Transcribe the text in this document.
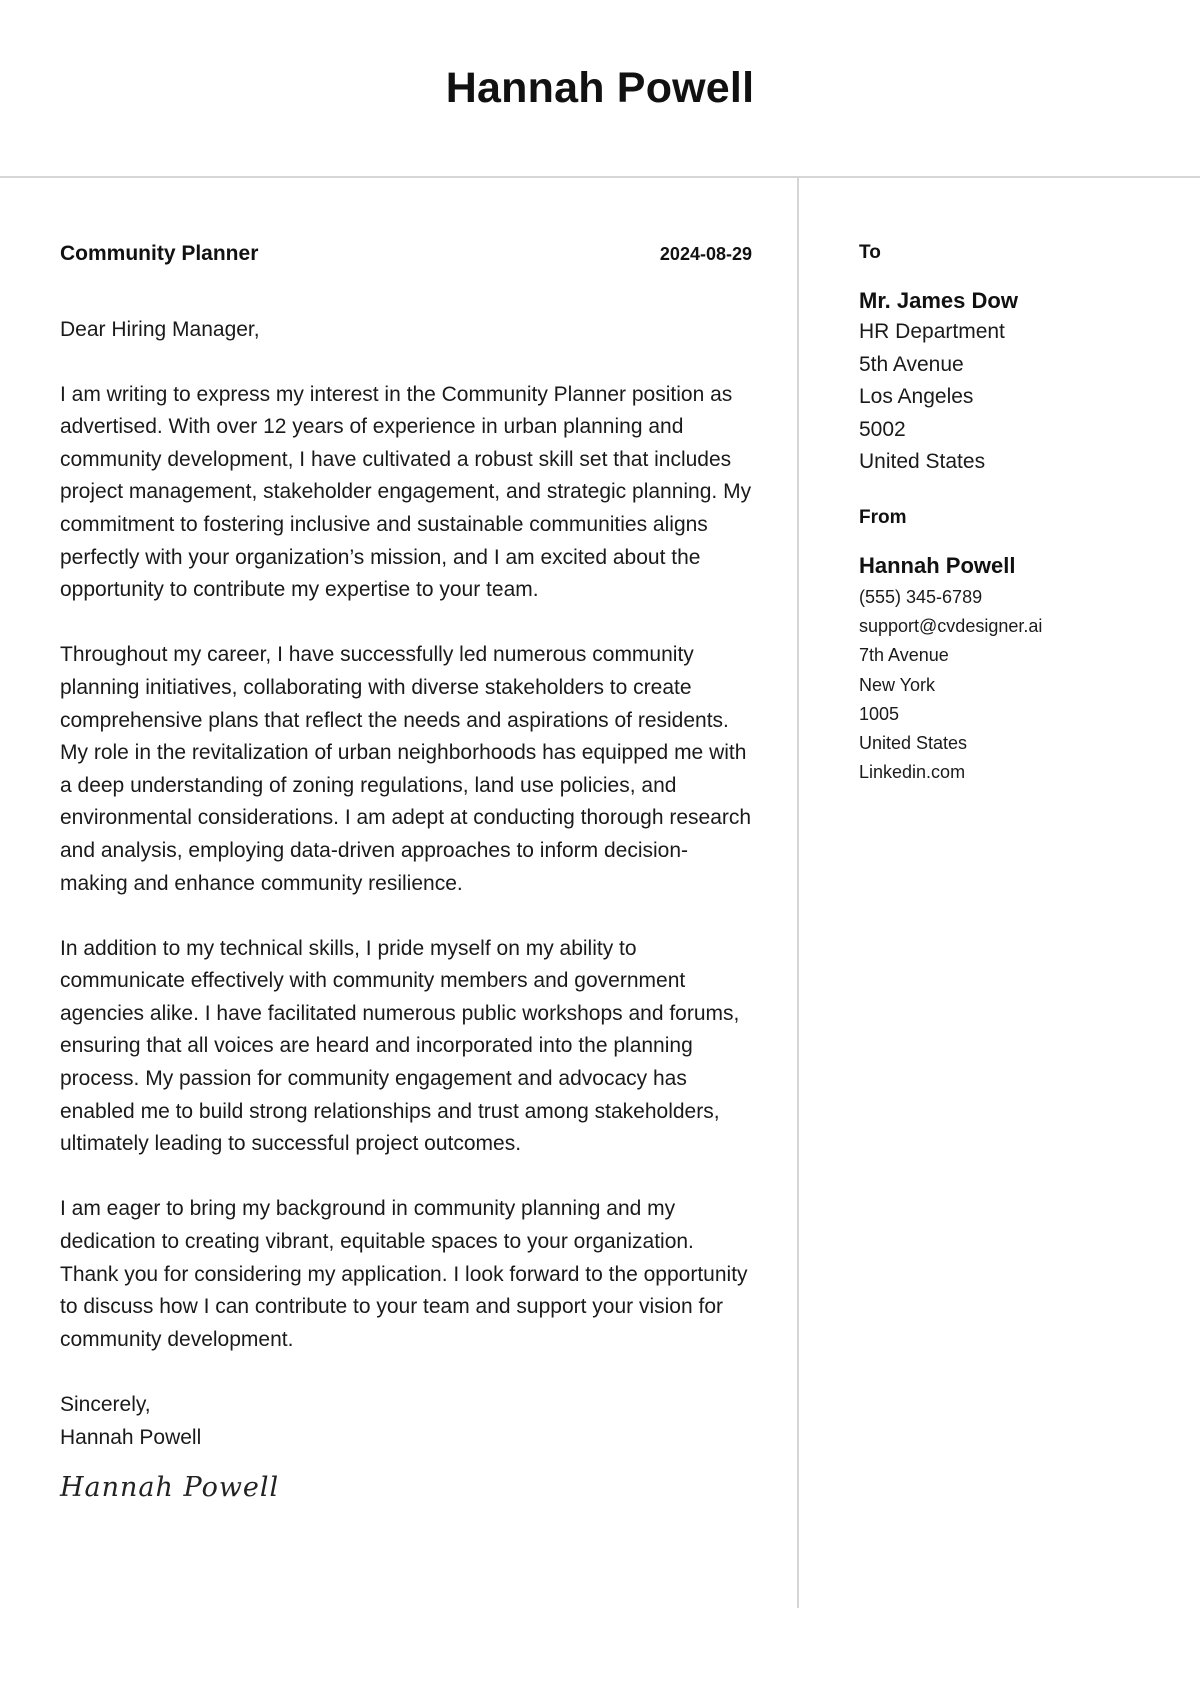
Hannah Powell
Community Planner	2024-08-29
Dear Hiring Manager,

I am writing to express my interest in the Community Planner position as advertised. With over 12 years of experience in urban planning and community development, I have cultivated a robust skill set that includes project management, stakeholder engagement, and strategic planning. My commitment to fostering inclusive and sustainable communities aligns perfectly with your organization’s mission, and I am excited about the opportunity to contribute my expertise to your team.

Throughout my career, I have successfully led numerous community planning initiatives, collaborating with diverse stakeholders to create comprehensive plans that reflect the needs and aspirations of residents. My role in the revitalization of urban neighborhoods has equipped me with a deep understanding of zoning regulations, land use policies, and environmental considerations. I am adept at conducting thorough research and analysis, employing data-driven approaches to inform decision-making and enhance community resilience.

In addition to my technical skills, I pride myself on my ability to communicate effectively with community members and government agencies alike. I have facilitated numerous public workshops and forums, ensuring that all voices are heard and incorporated into the planning process. My passion for community engagement and advocacy has enabled me to build strong relationships and trust among stakeholders, ultimately leading to successful project outcomes.

I am eager to bring my background in community planning and my dedication to creating vibrant, equitable spaces to your organization. Thank you for considering my application. I look forward to the opportunity to discuss how I can contribute to your team and support your vision for community development.

Sincerely,
Hannah Powell
Hannah Powell
To
Mr. James Dow
HR Department
5th Avenue
Los Angeles
5002
United States
From
Hannah Powell
(555) 345-6789
support@cvdesigner.ai
7th Avenue
New York
1005
United States
Linkedin.com
